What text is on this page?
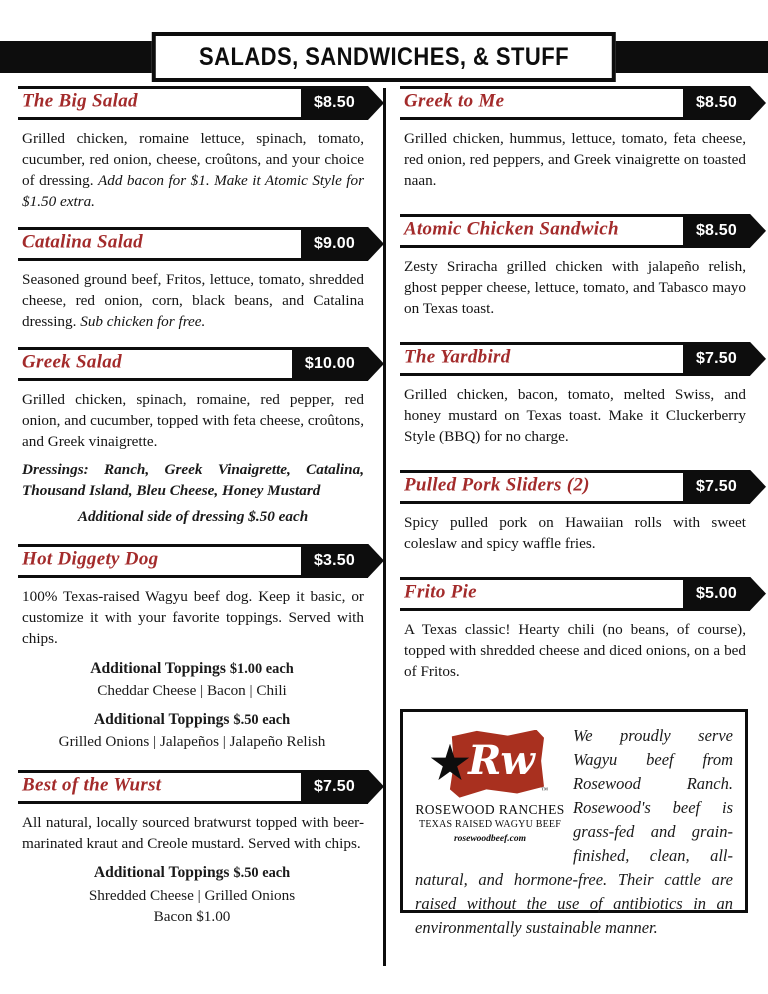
SALADS, SANDWICHES, & STUFF
The Big Salad	$8.50
Grilled chicken, romaine lettuce, spinach, tomato, cucumber, red onion, cheese, croûtons, and your choice of dressing. Add bacon for $1. Make it Atomic Style for $1.50 extra.
Catalina Salad	$9.00
Seasoned ground beef, Fritos, lettuce, tomato, shredded cheese, red onion, corn, black beans, and Catalina dressing. Sub chicken for free.
Greek Salad	$10.00
Grilled chicken, spinach, romaine, red pepper, red onion, and cucumber, topped with feta cheese, croûtons, and Greek vinaigrette.
Dressings: Ranch, Greek Vinaigrette, Catalina, Thousand Island, Bleu Cheese, Honey Mustard
Additional side of dressing $.50 each
Hot Diggety Dog	$3.50
100% Texas-raised Wagyu beef dog. Keep it basic, or customize it with your favorite toppings. Served with chips.
Additional Toppings $1.00 each
Cheddar Cheese | Bacon | Chili
Additional Toppings $.50 each
Grilled Onions | Jalapeños | Jalapeño Relish
Best of the Wurst	$7.50
All natural, locally sourced bratwurst topped with beer-marinated kraut and Creole mustard. Served with chips.
Additional Toppings $.50 each
Shredded Cheese | Grilled Onions
Bacon $1.00
Greek to Me	$8.50
Grilled chicken, hummus, lettuce, tomato, feta cheese, red onion, red peppers, and Greek vinaigrette on toasted naan.
Atomic Chicken Sandwich	$8.50
Zesty Sriracha grilled chicken with jalapeño relish, ghost pepper cheese, lettuce, tomato, and Tabasco mayo on Texas toast.
The Yardbird	$7.50
Grilled chicken, bacon, tomato, melted Swiss, and honey mustard on Texas toast. Make it Cluckerberry Style (BBQ) for no charge.
Pulled Pork Sliders (2)	$7.50
Spicy pulled pork on Hawaiian rolls with sweet coleslaw and spicy waffle fries.
Frito Pie	$5.00
A Texas classic! Hearty chili (no beans, of course), topped with shredded cheese and diced onions, on a bed of Fritos.
Rw
™
ROSEWOOD RANCHES
TEXAS RAISED WAGYU BEEF
rosewoodbeef.com
We proudly serve Wagyu beef from Rosewood Ranch. Rosewood's beef is grass-fed and grain-finished, clean, all-
natural, and hormone-free. Their cattle are raised without the use of antibiotics in an environmentally sustainable manner.
